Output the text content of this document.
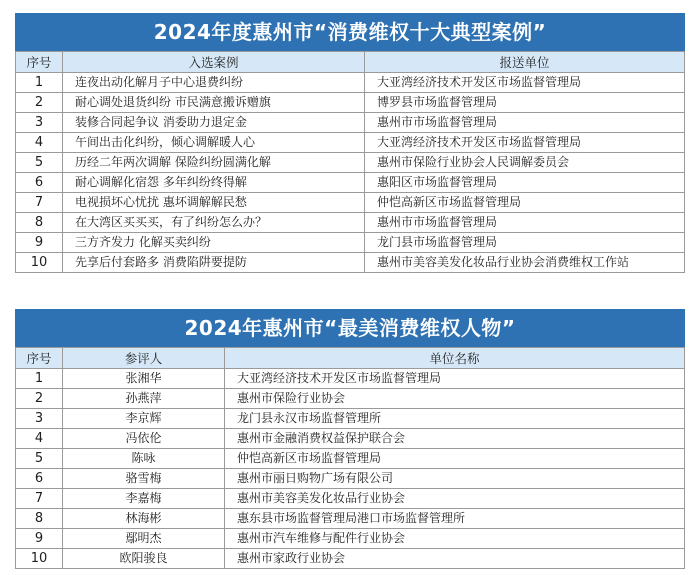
2024年度惠州市“消费维权十大典型案例”
序号	入选案例	报送单位
1	连夜出动化解月子中心退费纠纷	大亚湾经济技术开发区市场监督管理局
2	耐心调处退货纠纷 市民满意搬诉赠旗	博罗县市场监督管理局
3	装修合同起争议 消委助力退定金	惠州市市场监督管理局
4	午间出击化纠纷，倾心调解暖人心	大亚湾经济技术开发区市场监督管理局
5	历经二年两次调解 保险纠纷圆满化解	惠州市保险行业协会人民调解委员会
6	耐心调解化宿怨 多年纠纷终得解	惠阳区市场监督管理局
7	电视损坏心忧扰 惠坏调解解民愁	仲恺高新区市场监督管理局
8	在大湾区买买买，有了纠纷怎么办？	惠州市市场监督管理局
9	三方齐发力 化解买卖纠纷	龙门县市场监督管理局
10	先享后付套路多 消费陷阱要提防	惠州市美容美发化妆品行业协会消费维权工作站
2024年惠州市“最美消费维权人物”
序号	参评人	单位名称
1	张湘华	大亚湾经济技术开发区市场监督管理局
2	孙燕萍	惠州市保险行业协会
3	李京辉	龙门县永汉市场监督管理所
4	冯依伦	惠州市金融消费权益保护联合会
5	陈咏	仲恺高新区市场监督管理局
6	骆雪梅	惠州市丽日购物广场有限公司
7	李嘉梅	惠州市美容美发化妆品行业协会
8	林海彬	惠东县市场监督管理局港口市场监督管理所
9	鄢明杰	惠州市汽车维修与配件行业协会
10	欧阳骏良	惠州市家政行业协会
